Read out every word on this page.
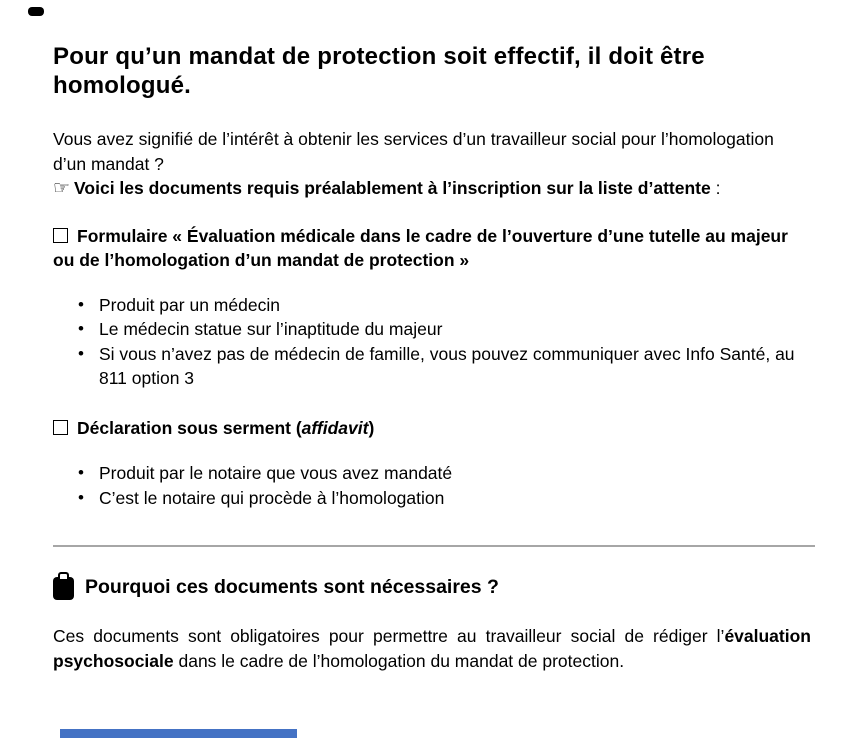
Pour qu’un mandat de protection soit effectif, il doit être homologué.

Vous avez signifié de l’intérêt à obtenir les services d’un travailleur social pour l’homologation d’un mandat ?

☞ Voici les documents requis préalablement à l’inscription sur la liste d’attente :

Formulaire « Évaluation médicale dans le cadre de l’ouverture d’une tutelle au majeur ou de l’homologation d’un mandat de protection »

• Produit par un médecin
• Le médecin statue sur l’inaptitude du majeur
• Si vous n’avez pas de médecin de famille, vous pouvez communiquer avec Info Santé, au 811 option 3

Déclaration sous serment (affidavit)

• Produit par le notaire que vous avez mandaté
• C’est le notaire qui procède à l’homologation
Pourquoi ces documents sont nécessaires ?

Ces documents sont obligatoires pour permettre au travailleur social de rédiger l’évaluation psychosociale dans le cadre de l’homologation du mandat de protection.
